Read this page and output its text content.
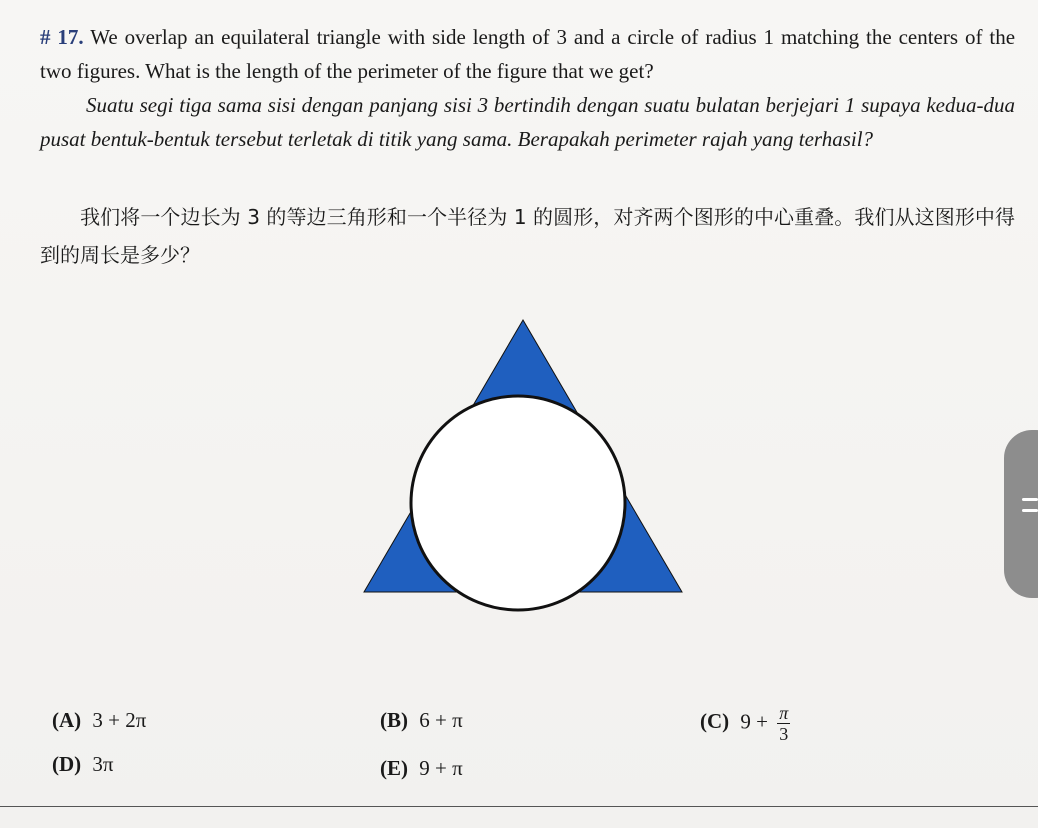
# 17. We overlap an equilateral triangle with side length of 3 and a circle of radius 1 matching the centers of the two figures. What is the length of the perimeter of the figure that we get?

Suatu segi tiga sama sisi dengan panjang sisi 3 bertindih dengan suatu bulatan berjejari 1 supaya kedua-dua pusat bentuk-bentuk tersebut terletak di titik yang sama. Berapakah perimeter rajah yang terhasil?

我们将一个边长为 3 的等边三角形和一个半径为 1 的圆形，对齐两个图形的中心重叠。我们从这图形中得到的周长是多少？

(A) 3 + 2π	(B) 6 + π	(C) $9 + \frac{\pi}{3}$
(D) 3π	(E) 9 + π
